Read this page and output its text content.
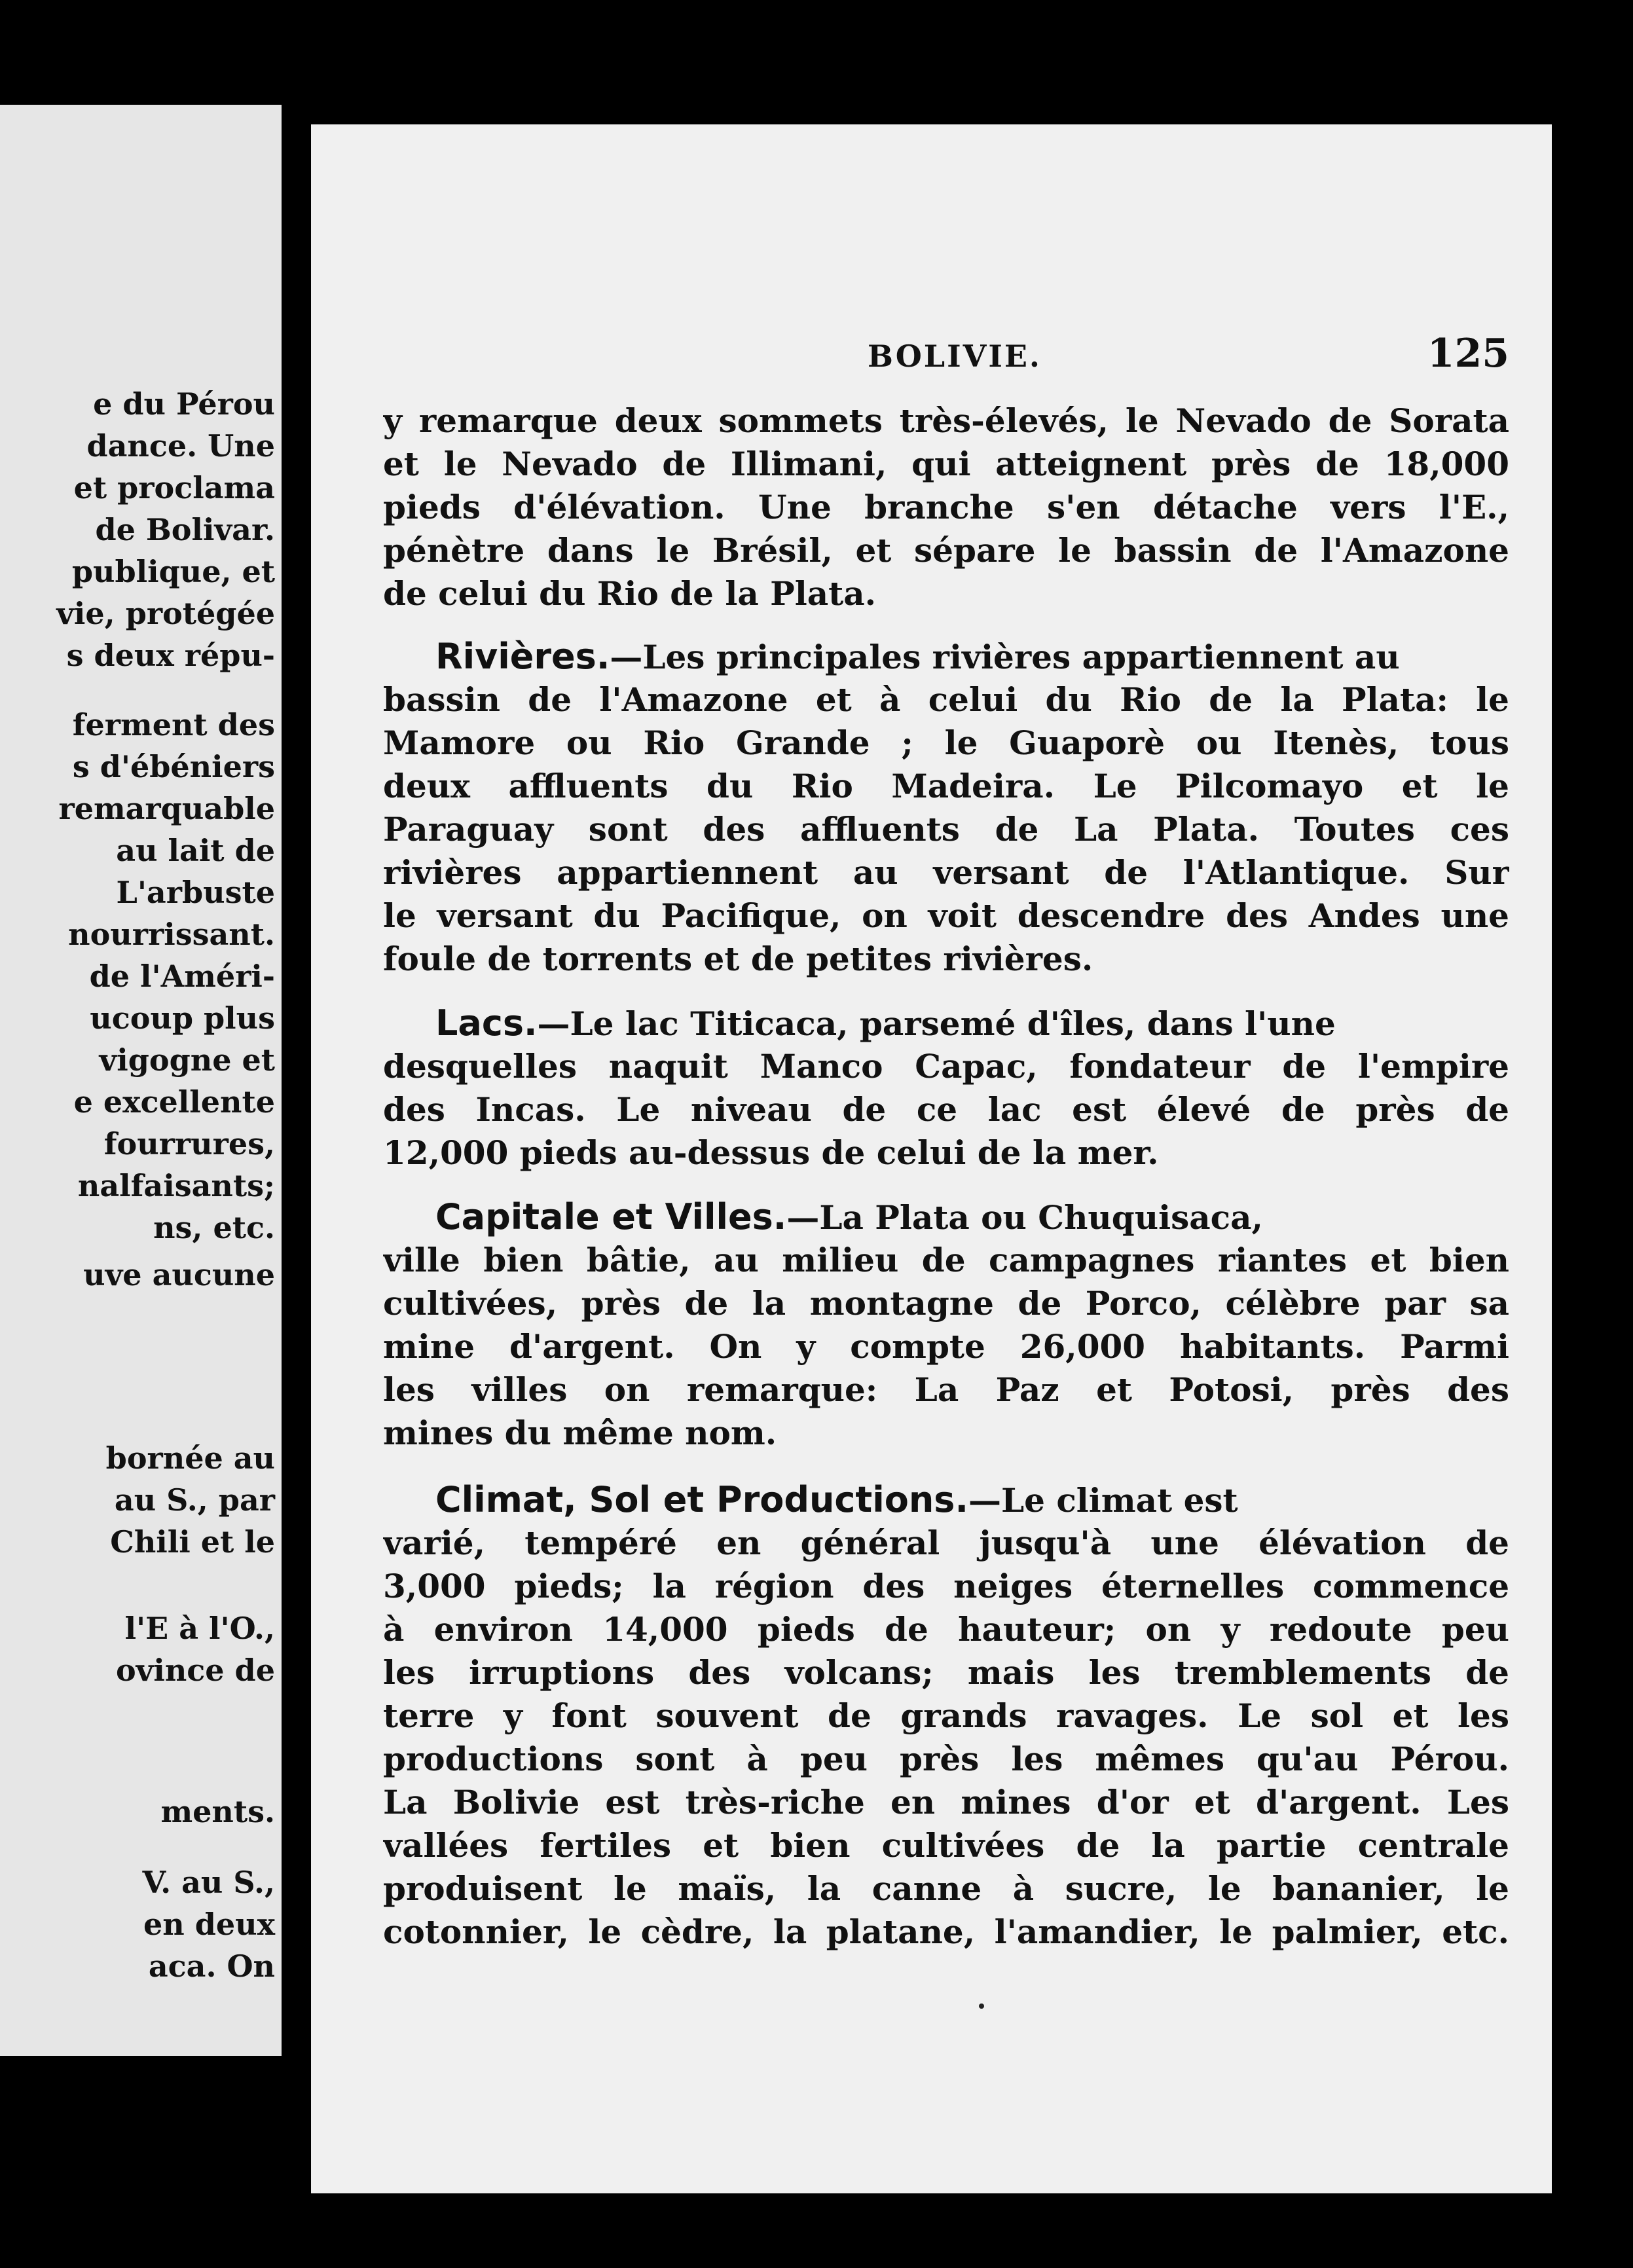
e du Pérou
dance. Une
et proclama
de Bolivar.
publique, et
vie, protégée
s deux répu-
ferment des
s d'ébéniers
remarquable
au lait de
L'arbuste
nourrissant.
de l'Améri-
ucoup plus
vigogne et
e excellente
fourrures,
nalfaisants;
ns, etc.
uve aucune
bornée au
au S., par
Chili et le
l'E à l'O.,
ovince de
ments.
V. au S.,
en deux
aca. On
BOLIVIE.	125
y remarque deux sommets très-élevés, le Nevado de Sorata
et le Nevado de Illimani, qui atteignent près de 18,000
pieds d'élévation. Une branche s'en détache vers l'E.,
pénètre dans le Brésil, et sépare le bassin de l'Amazone
de celui du Rio de la Plata.
Rivières.—Les principales rivières appartiennent au
bassin de l'Amazone et à celui du Rio de la Plata: le
Mamore ou Rio Grande ; le Guaporè ou Itenès, tous
deux affluents du Rio Madeira. Le Pilcomayo et le
Paraguay sont des affluents de La Plata. Toutes ces
rivières appartiennent au versant de l'Atlantique. Sur
le versant du Pacifique, on voit descendre des Andes une
foule de torrents et de petites rivières.
Lacs.—Le lac Titicaca, parsemé d'îles, dans l'une
desquelles naquit Manco Capac, fondateur de l'empire
des Incas. Le niveau de ce lac est élevé de près de
12,000 pieds au-dessus de celui de la mer.
Capitale et Villes.—La Plata ou Chuquisaca,
ville bien bâtie, au milieu de campagnes riantes et bien
cultivées, près de la montagne de Porco, célèbre par sa
mine d'argent. On y compte 26,000 habitants. Parmi
les villes on remarque: La Paz et Potosi, près des
mines du même nom.
Climat, Sol et Productions.—Le climat est
varié, tempéré en général jusqu'à une élévation de
3,000 pieds; la région des neiges éternelles commence
à environ 14,000 pieds de hauteur; on y redoute peu
les irruptions des volcans; mais les tremblements de
terre y font souvent de grands ravages. Le sol et les
productions sont à peu près les mêmes qu'au Pérou.
La Bolivie est très-riche en mines d'or et d'argent. Les
vallées fertiles et bien cultivées de la partie centrale
produisent le maïs, la canne à sucre, le bananier, le
cotonnier, le cèdre, la platane, l'amandier, le palmier, etc.
